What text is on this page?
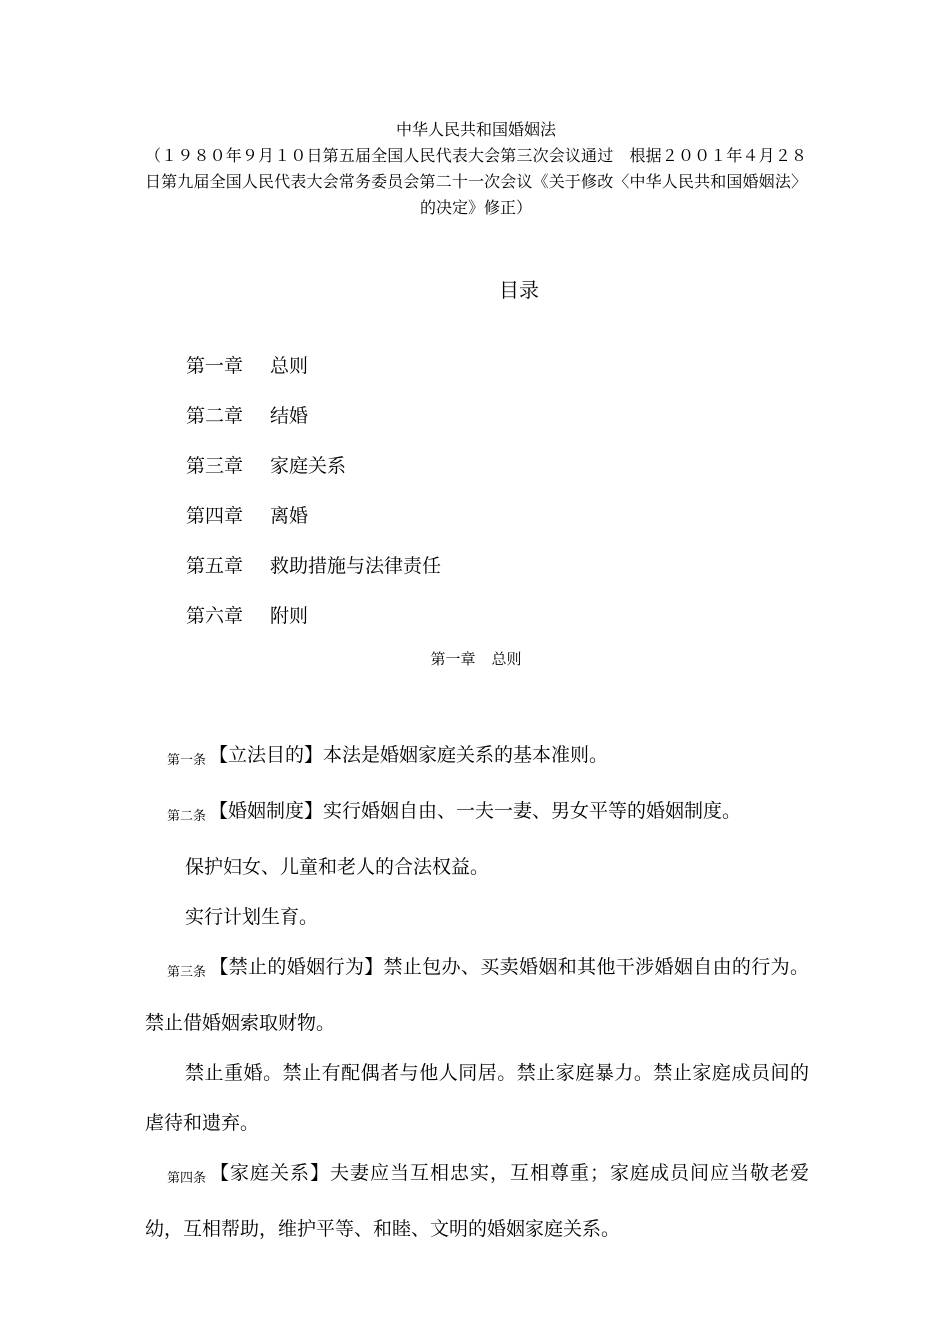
中华人民共和国婚姻法
（１９８０年９月１０日第五届全国人民代表大会第三次会议通过　根据２００１年４月２８日第九届全国人民代表大会常务委员会第二十一次会议《关于修改〈中华人民共和国婚姻法〉的决定》修正）
目录
第一章	总则
第二章	结婚
第三章	家庭关系
第四章	离婚
第五章	救助措施与法律责任
第六章	附则
第一章 总则
第一条 【立法目的】本法是婚姻家庭关系的基本准则。
第二条 【婚姻制度】实行婚姻自由、一夫一妻、男女平等的婚姻制度。
保护妇女、儿童和老人的合法权益。
实行计划生育。
第三条 【禁止的婚姻行为】禁止包办、买卖婚姻和其他干涉婚姻自由的行为。禁止借婚姻索取财物。
禁止重婚。禁止有配偶者与他人同居。禁止家庭暴力。禁止家庭成员间的虐待和遗弃。
第四条 【家庭关系】夫妻应当互相忠实，互相尊重；家庭成员间应当敬老爱幼，互相帮助，维护平等、和睦、文明的婚姻家庭关系。
